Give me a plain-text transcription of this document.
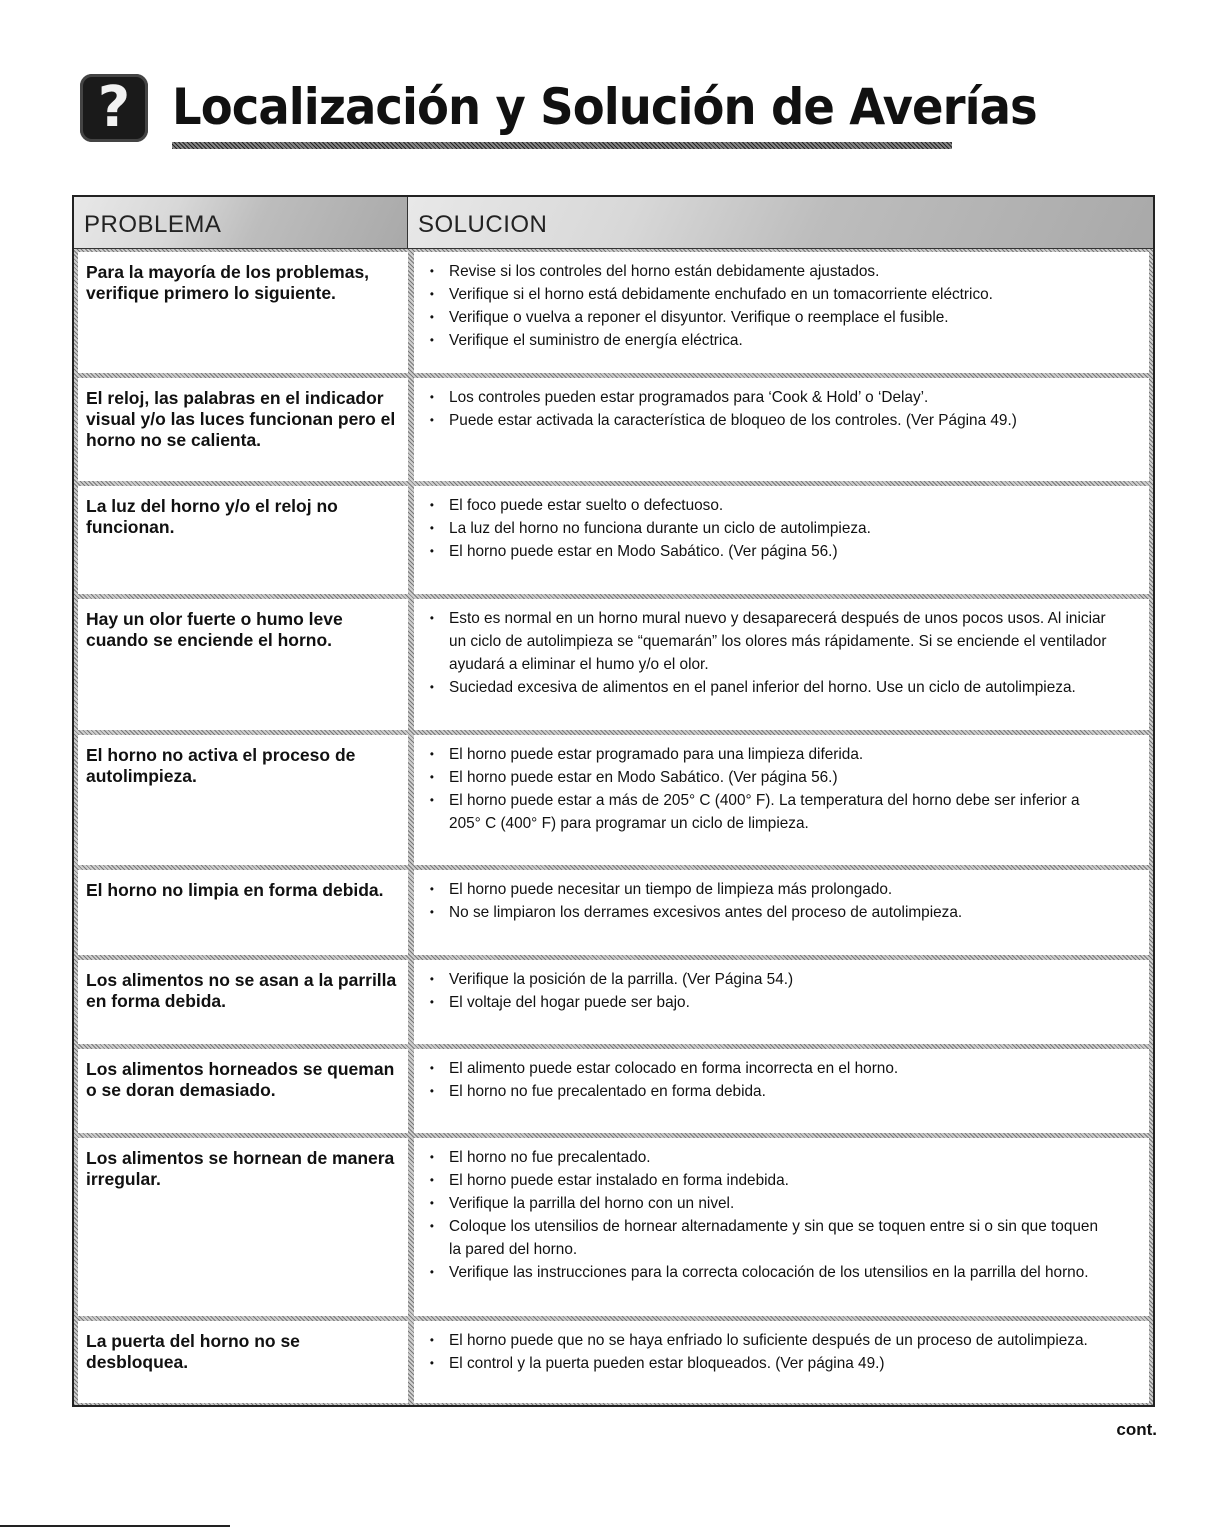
? Localización y Solución de Averías
PROBLEMA	SOLUCION
Para la mayoría de los problemas, verifique primero lo siguiente.
• Revise si los controles del horno están debidamente ajustados.
• Verifique si el horno está debidamente enchufado en un tomacorriente eléctrico.
• Verifique o vuelva a reponer el disyuntor. Verifique o reemplace el fusible.
• Verifique el suministro de energía eléctrica.
El reloj, las palabras en el indicador visual y/o las luces funcionan pero el horno no se calienta.
• Los controles pueden estar programados para ‘Cook & Hold’ o ‘Delay’.
• Puede estar activada la característica de bloqueo de los controles. (Ver Página 49.)
La luz del horno y/o el reloj no funcionan.
• El foco puede estar suelto o defectuoso.
• La luz del horno no funciona durante un ciclo de autolimpieza.
• El horno puede estar en Modo Sabático. (Ver página 56.)
Hay un olor fuerte o humo leve cuando se enciende el horno.
• Esto es normal en un horno mural nuevo y desaparecerá después de unos pocos usos. Al iniciar un ciclo de autolimpieza se “quemarán” los olores más rápidamente. Si se enciende el ventilador ayudará a eliminar el humo y/o el olor.
• Suciedad excesiva de alimentos en el panel inferior del horno. Use un ciclo de autolimpieza.
El horno no activa el proceso de autolimpieza.
• El horno puede estar programado para una limpieza diferida.
• El horno puede estar en Modo Sabático. (Ver página 56.)
• El horno puede estar a más de 205° C (400° F). La temperatura del horno debe ser inferior a 205° C (400° F) para programar un ciclo de limpieza.
El horno no limpia en forma debida.
•	El horno puede necesitar un tiempo de limpieza más prolongado.
• No se limpiaron los derrames excesivos antes del proceso de autolimpieza.
Los alimentos no se asan a la parrilla en forma debida.
• Verifique la posición de la parrilla. (Ver Página 54.)
• El voltaje del hogar puede ser bajo.
Los alimentos horneados se queman o se doran demasiado.
• El alimento puede estar colocado en forma incorrecta en el horno.
• El horno no fue precalentado en forma debida.
Los alimentos se hornean de manera irregular.
• El horno no fue precalentado.
• El horno puede estar instalado en forma indebida.
• Verifique la parrilla del horno con un nivel.
• Coloque los utensilios de hornear alternadamente y sin que se toquen entre si o sin que toquen la pared del horno.
• Verifique las instrucciones para la correcta colocación de los utensilios en la parrilla del horno.
La puerta del horno no se desbloquea.
• El horno puede que no se haya enfriado lo suficiente después de un proceso de autolimpieza.
• El control y la puerta pueden estar bloqueados. (Ver página 49.)
cont.
